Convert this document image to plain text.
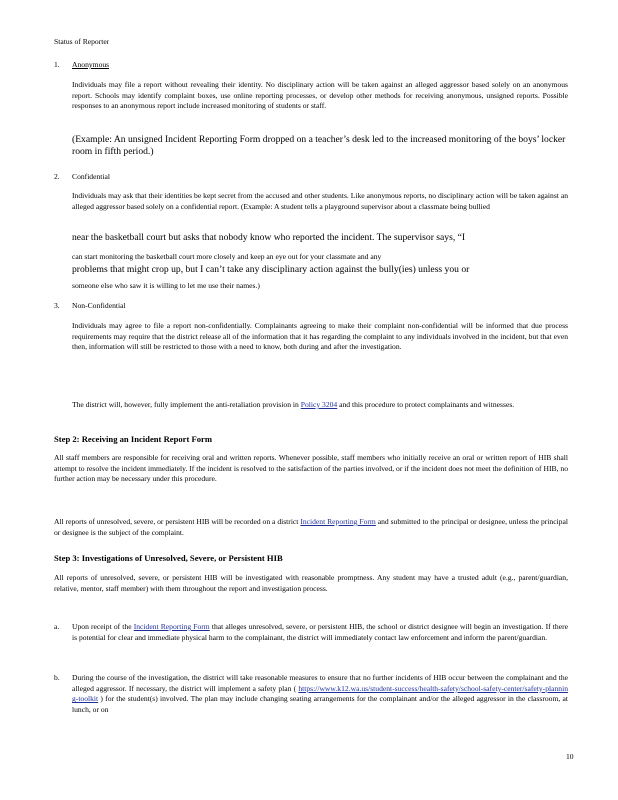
Status of Reporter
1. Anonymous
Individuals may file a report without revealing their identity. No disciplinary action will be taken against an alleged aggressor based solely on an anonymous report. Schools may identify complaint boxes, use online reporting processes, or develop other methods for receiving anonymous, unsigned reports. Possible responses to an anonymous report include increased monitoring of students or staff.
(Example: An unsigned Incident Reporting Form dropped on a teacher’s desk led to the increased monitoring of the boys’ locker room in fifth period.)
2. Confidential
Individuals may ask that their identities be kept secret from the accused and other students. Like anonymous reports, no disciplinary action will be taken against an alleged aggressor based solely on a confidential report. (Example: A student tells a playground supervisor about a classmate being bullied
near the basketball court but asks that nobody know who reported the incident. The supervisor says, “I
can start monitoring the basketball court more closely and keep an eye out for your classmate and any
problems that might crop up, but I can’t take any disciplinary action against the bully(ies) unless you or
someone else who saw it is willing to let me use their names.)
3. Non-Confidential
Individuals may agree to file a report non-confidentially. Complainants agreeing to make their complaint non-confidential will be informed that due process requirements may require that the district release all of the information that it has regarding the complaint to any individuals involved in the incident, but that even then, information will still be restricted to those with a need to know, both during and after the investigation.
The district will, however, fully implement the anti-retaliation provision in Policy 3204 and this procedure to protect complainants and witnesses.
Step 2: Receiving an Incident Report Form
All staff members are responsible for receiving oral and written reports. Whenever possible, staff members who initially receive an oral or written report of HIB shall attempt to resolve the incident immediately. If the incident is resolved to the satisfaction of the parties involved, or if the incident does not meet the definition of HIB, no further action may be necessary under this procedure.
All reports of unresolved, severe, or persistent HIB will be recorded on a district Incident Reporting Form and submitted to the principal or designee, unless the principal or designee is the subject of the complaint.
Step 3: Investigations of Unresolved, Severe, or Persistent HIB
All reports of unresolved, severe, or persistent HIB will be investigated with reasonable promptness. Any student may have a trusted adult (e.g., parent/guardian, relative, mentor, staff member) with them throughout the report and investigation process.
a. Upon receipt of the Incident Reporting Form that alleges unresolved, severe, or persistent HIB, the school or district designee will begin an investigation. If there is potential for clear and immediate physical harm to the complainant, the district will immediately contact law enforcement and inform the parent/guardian.
b. During the course of the investigation, the district will take reasonable measures to ensure that no further incidents of HIB occur between the complainant and the alleged aggressor. If necessary, the district will implement a safety plan ( https://www.k12.wa.us/student-success/health-safety/school-safety-center/safety-planning-toolkit ) for the student(s) involved. The plan may include changing seating arrangements for the complainant and/or the alleged aggressor in the classroom, at lunch, or on
10
